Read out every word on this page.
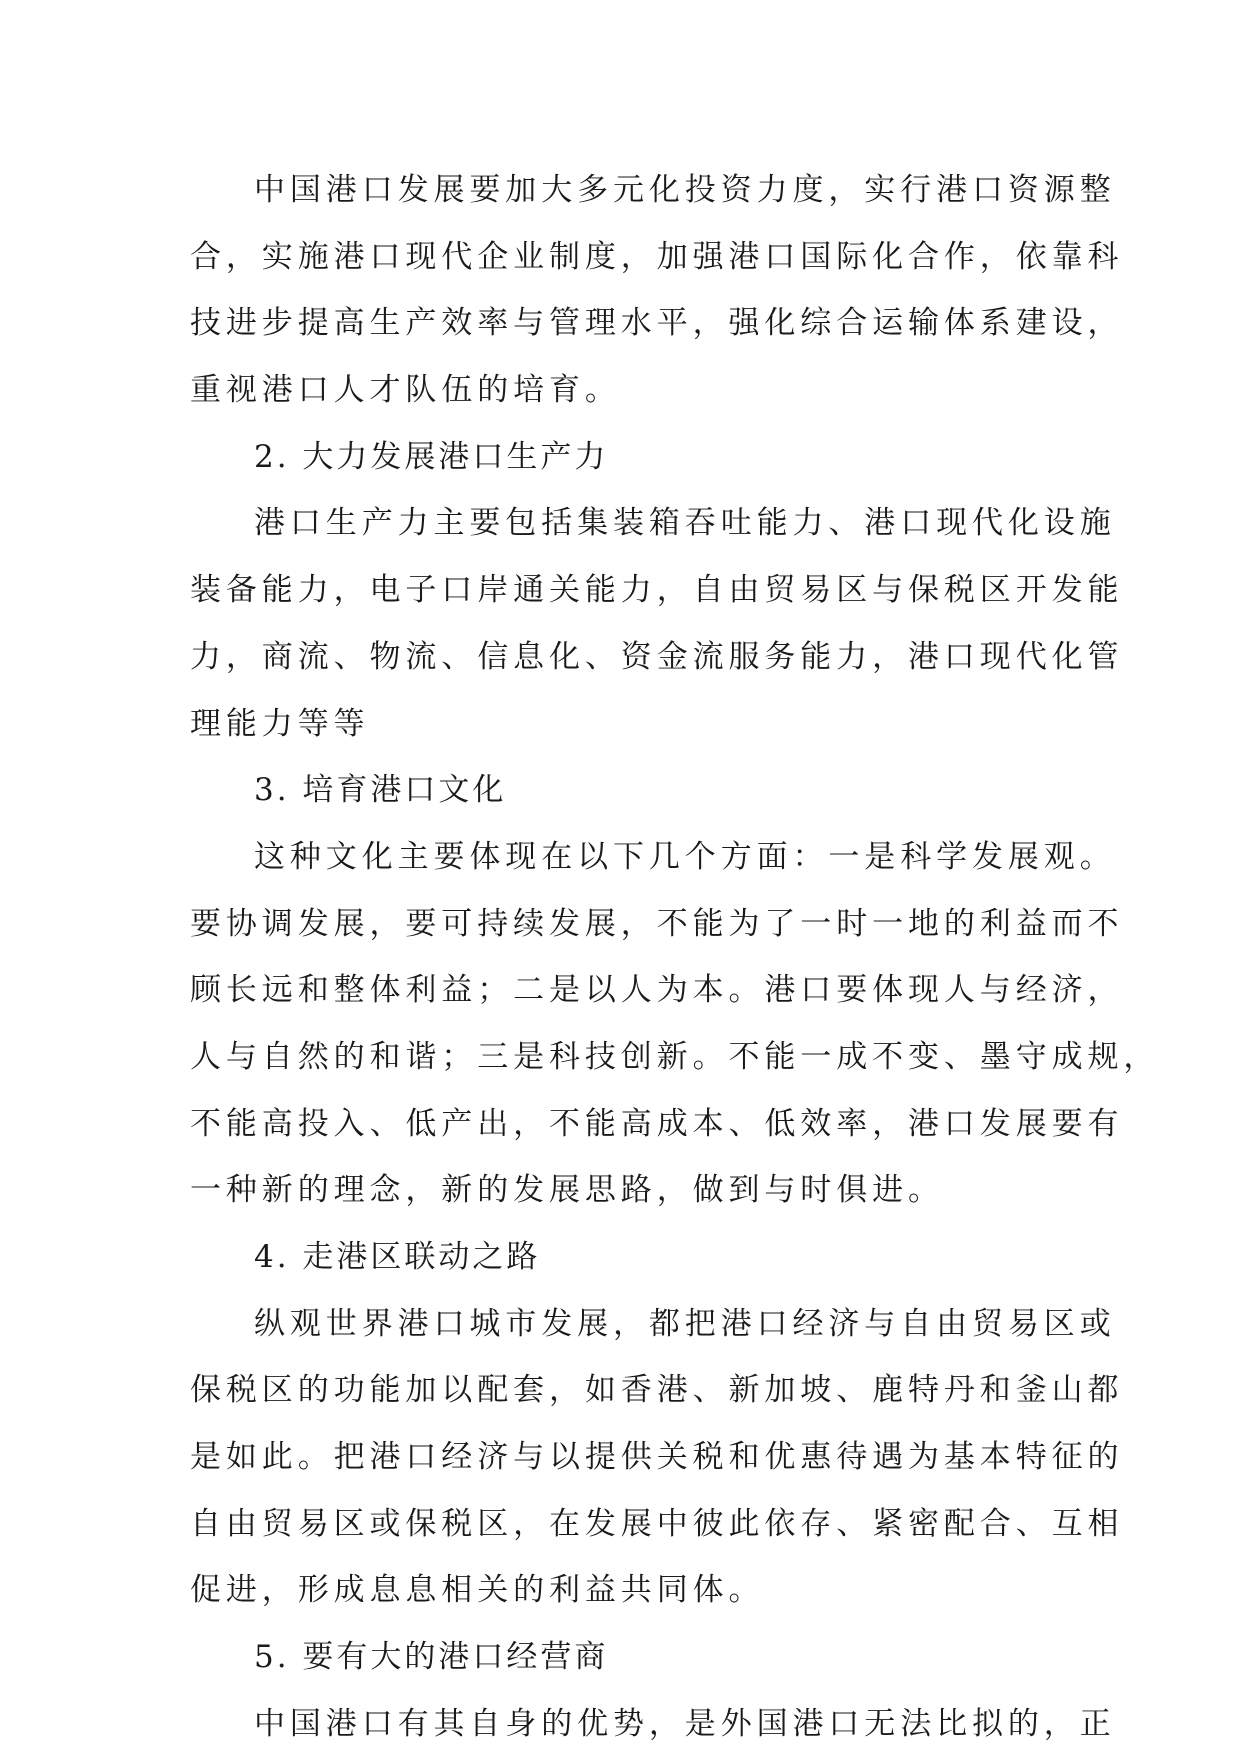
中国港口发展要加大多元化投资力度，实行港口资源整
合，实施港口现代企业制度，加强港口国际化合作，依靠科
技进步提高生产效率与管理水平，强化综合运输体系建设，
重视港口人才队伍的培育。
2. 大力发展港口生产力
港口生产力主要包括集装箱吞吐能力、港口现代化设施
装备能力，电子口岸通关能力，自由贸易区与保税区开发能
力，商流、物流、信息化、资金流服务能力，港口现代化管
理能力等等
3. 培育港口文化
这种文化主要体现在以下几个方面：一是科学发展观。
要协调发展，要可持续发展，不能为了一时一地的利益而不
顾长远和整体利益；二是以人为本。港口要体现人与经济，
人与自然的和谐；三是科技创新。不能一成不变、墨守成规，
不能高投入、低产出，不能高成本、低效率，港口发展要有
一种新的理念，新的发展思路，做到与时俱进。
4. 走港区联动之路
纵观世界港口城市发展，都把港口经济与自由贸易区或
保税区的功能加以配套，如香港、新加坡、鹿特丹和釜山都
是如此。把港口经济与以提供关税和优惠待遇为基本特征的
自由贸易区或保税区，在发展中彼此依存、紧密配合、互相
促进，形成息息相关的利益共同体。
5. 要有大的港口经营商
中国港口有其自身的优势，是外国港口无法比拟的，正
